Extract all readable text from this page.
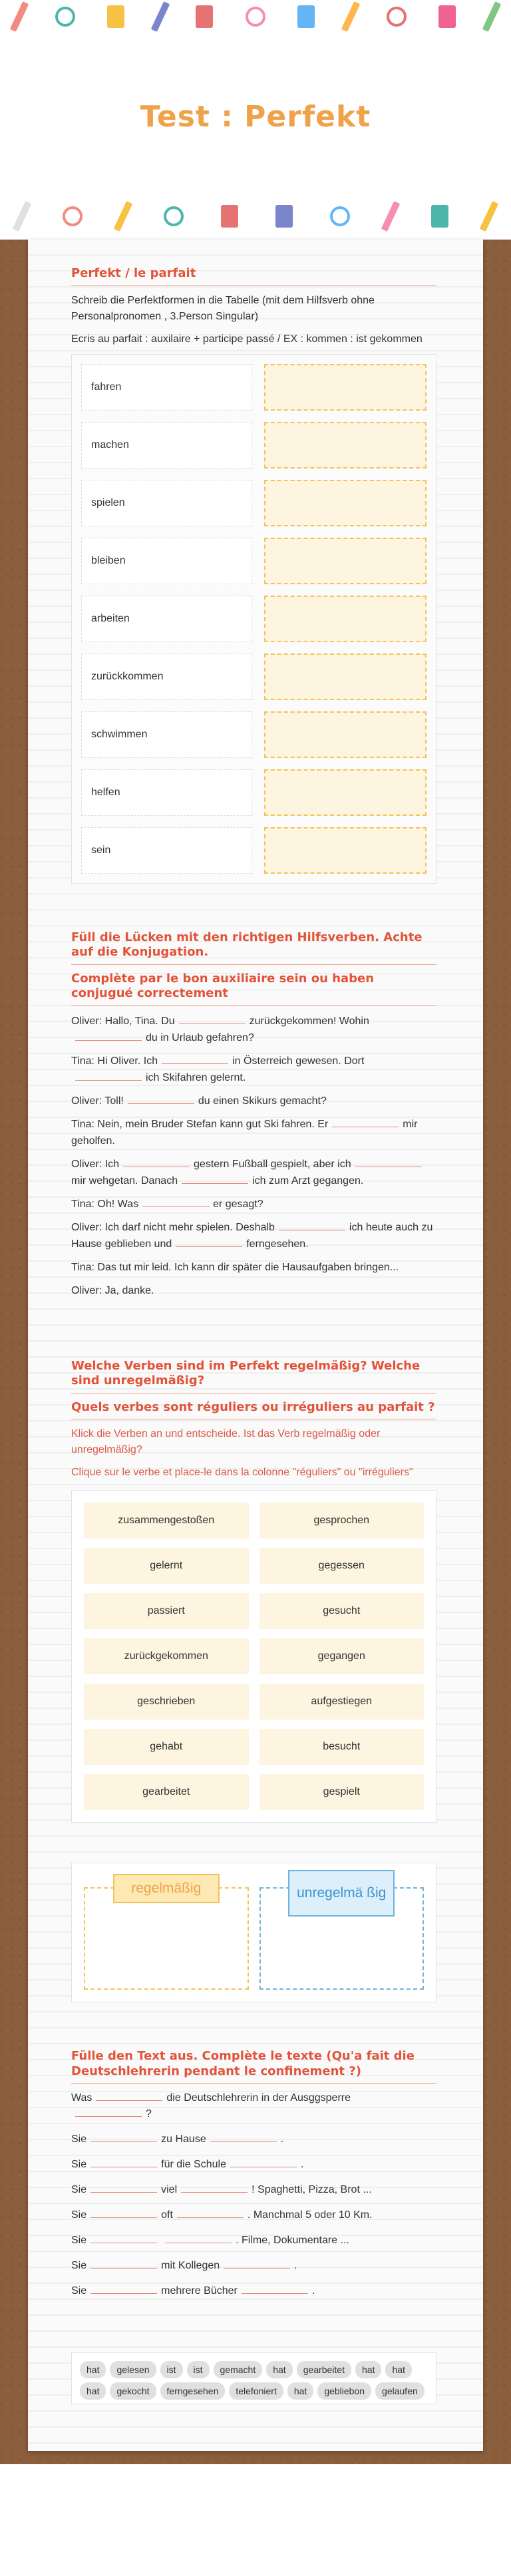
Test : Perfekt
Perfekt / le parfait
Schreib die Perfektformen in die Tabelle (mit dem Hilfsverb ohne Personalpronomen , 3.Person Singular)
Ecris au parfait : auxilaire + participe passé / EX : kommen : ist gekommen
fahren
machen
spielen
bleiben
arbeiten
zurückkommen
schwimmen
helfen
sein
Füll die Lücken mit den richtigen Hilfsverben. Achte auf die Konjugation.
Complète par le bon auxiliaire sein ou haben conjugué correctement
Oliver: Hallo, Tina. Du	zurückgekommen! Wohindu in Urlaub gefahren?
Tina: Hi Oliver. Ich	in Österreich gewesen. Dortich Skifahren gelernt.
Oliver: Toll!	du einen Skikurs gemacht?
Tina: Nein, mein Bruder Stefan kann gut Ski fahren. Er	mir geholfen.
Oliver: Ich	gestern Fußball gespielt, aber ichmir wehgetan. Danach	ich zum Arzt gegangen.
Tina: Oh! Was	er gesagt?
Oliver: Ich darf nicht mehr spielen. Deshalb	ich heute auch zu Hause geblieben und	ferngesehen.
Tina: Das tut mir leid. Ich kann dir später die Hausaufgaben bringen...
Oliver: Ja, danke.
Welche Verben sind im Perfekt regelmäßig? Welche sind unregelmäßig?
Quels verbes sont réguliers ou irréguliers au parfait ?
Klick die Verben an und entscheide. Ist das Verb regelmäßig oder unregelmäßig?
Clique sur le verbe et place-le dans la colonne "réguliers" ou "irréguliers"
zusammengestoßen	gesprochen
gelernt	gegessen
passiert	gesucht
zurückgekommen	gegangen
geschrieben	aufgestiegen
gehabt	besucht
gearbeitet	gespielt
regelmäßig	unregelmä ßig
Fülle den Text aus. Complète le texte (Qu'a fait die Deutschlehrerin pendant le confinement ?)
Was	die Deutschlehrerin in der Ausggsperre
?
Sie	zu Hause	.
Sie	für die Schule	.
Sie	viel	! Spaghetti, Pizza, Brot ...
Sie	oft	. Manchmal 5 oder 10 Km.
Sie	. Filme, Dokumentare ...
Sie	mit Kollegen	.
Sie	mehrere Bücher	.
hat	gelesen	ist	ist	gemacht	hat	gearbeitet	hat	hat
hat	gekocht	ferngesehen	telefoniert	hat	gebliebon	gelaufen
